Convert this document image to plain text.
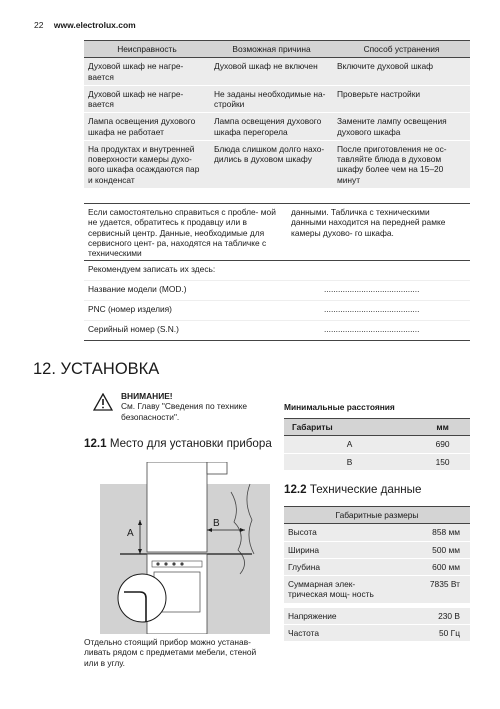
22 www.electrolux.com
Неисправность	Возможная причина	Способ устранения
Духовой шкаф не нагре- вается	Духовой шкаф не включен	Включите духовой шкаф
Духовой шкаф не нагре- вается	Не заданы необходимые на- стройки	Проверьте настройки
Лампа освещения духового шкафа не работает	Лампа освещения духового шкафа перегорела	Замените лампу освещения духового шкафа
На продуктах и внутренней поверхности камеры духо- вого шкафа осаждаются пар и конденсат	Блюда слишком долго нахо- дились в духовом шкафу	После приготовления не ос- тавляйте блюда в духовом шкафу более чем на 15–20 минут
Если самостоятельно справиться с пробле- мой не удается, обратитесь к продавцу или в сервисный центр. Данные, необходимые для сервисного цент- ра, находятся на табличке с техническими
данными. Табличка с техническими данными находится на передней рамке камеры духово- го шкафа.
Рекомендуем записать их здесь:
Название модели (MOD.)	.........................................
PNC (номер изделия)	.........................................
Серийный номер (S.N.)	.........................................
12. УСТАНОВКА
ВНИМАНИЕ!
См. Главу "Сведения по технике безопасности".
12.1 Место для установки прибора
A
B
Отдельно стоящий прибор можно устанав- ливать рядом с предметами мебели, стеной или в углу.
Минимальные расстояния
Габариты	мм
A	690
B	150
12.2 Технические данные
Габаритные размеры	
Высота	858 мм
Ширина	500 мм
Глубина	600 мм
Суммарная элек- трическая мощ- ность	7835 Вт

Напряжение	230 В
Частота	50 Гц
